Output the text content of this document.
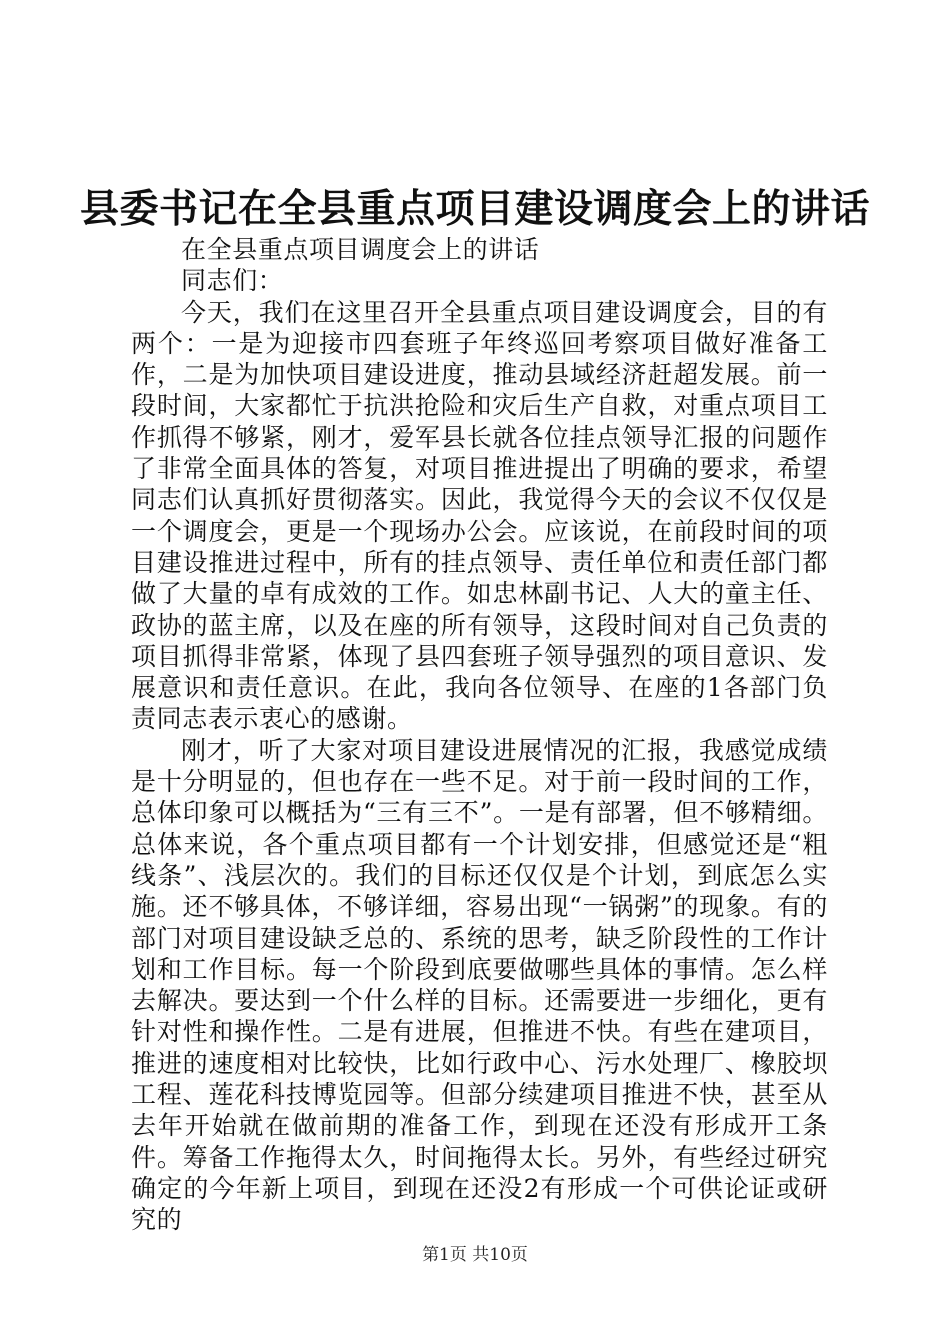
县委书记在全县重点项目建设调度会上的讲话

在全县重点项目调度会上的讲话

同志们：

今天，我们在这里召开全县重点项目建设调度会，目的有两个：一是为迎接市四套班子年终巡回考察项目做好准备工作，二是为加快项目建设进度，推动县域经济赶超发展。前一段时间，大家都忙于抗洪抢险和灾后生产自救，对重点项目工作抓得不够紧，刚才，爱军县长就各位挂点领导汇报的问题作了非常全面具体的答复，对项目推进提出了明确的要求，希望同志们认真抓好贯彻落实。因此，我觉得今天的会议不仅仅是一个调度会，更是一个现场办公会。应该说，在前段时间的项目建设推进过程中，所有的挂点领导、责任单位和责任部门都做了大量的卓有成效的工作。如忠林副书记、人大的童主任、政协的蓝主席，以及在座的所有领导，这段时间对自己负责的项目抓得非常紧，体现了县四套班子领导强烈的项目意识、发展意识和责任意识。在此，我向各位领导、在座的1各部门负责同志表示衷心的感谢。

刚才，听了大家对项目建设进展情况的汇报，我感觉成绩是十分明显的，但也存在一些不足。对于前一段时间的工作，总体印象可以概括为“三有三不”。一是有部署，但不够精细。总体来说，各个重点项目都有一个计划安排，但感觉还是“粗线条”、浅层次的。我们的目标还仅仅是个计划，到底怎么实施。还不够具体，不够详细，容易出现“一锅粥”的现象。有的部门对项目建设缺乏总的、系统的思考，缺乏阶段性的工作计划和工作目标。每一个阶段到底要做哪些具体的事情。怎么样去解决。要达到一个什么样的目标。还需要进一步细化，更有针对性和操作性。二是有进展，但推进不快。有些在建项目，推进的速度相对比较快，比如行政中心、污水处理厂、橡胶坝工程、莲花科技博览园等。但部分续建项目推进不快，甚至从去年开始就在做前期的准备工作，到现在还没有形成开工条件。筹备工作拖得太久，时间拖得太长。另外，有些经过研究确定的今年新上项目，到现在还没2有形成一个可供论证或研究的

第1页 共10页
